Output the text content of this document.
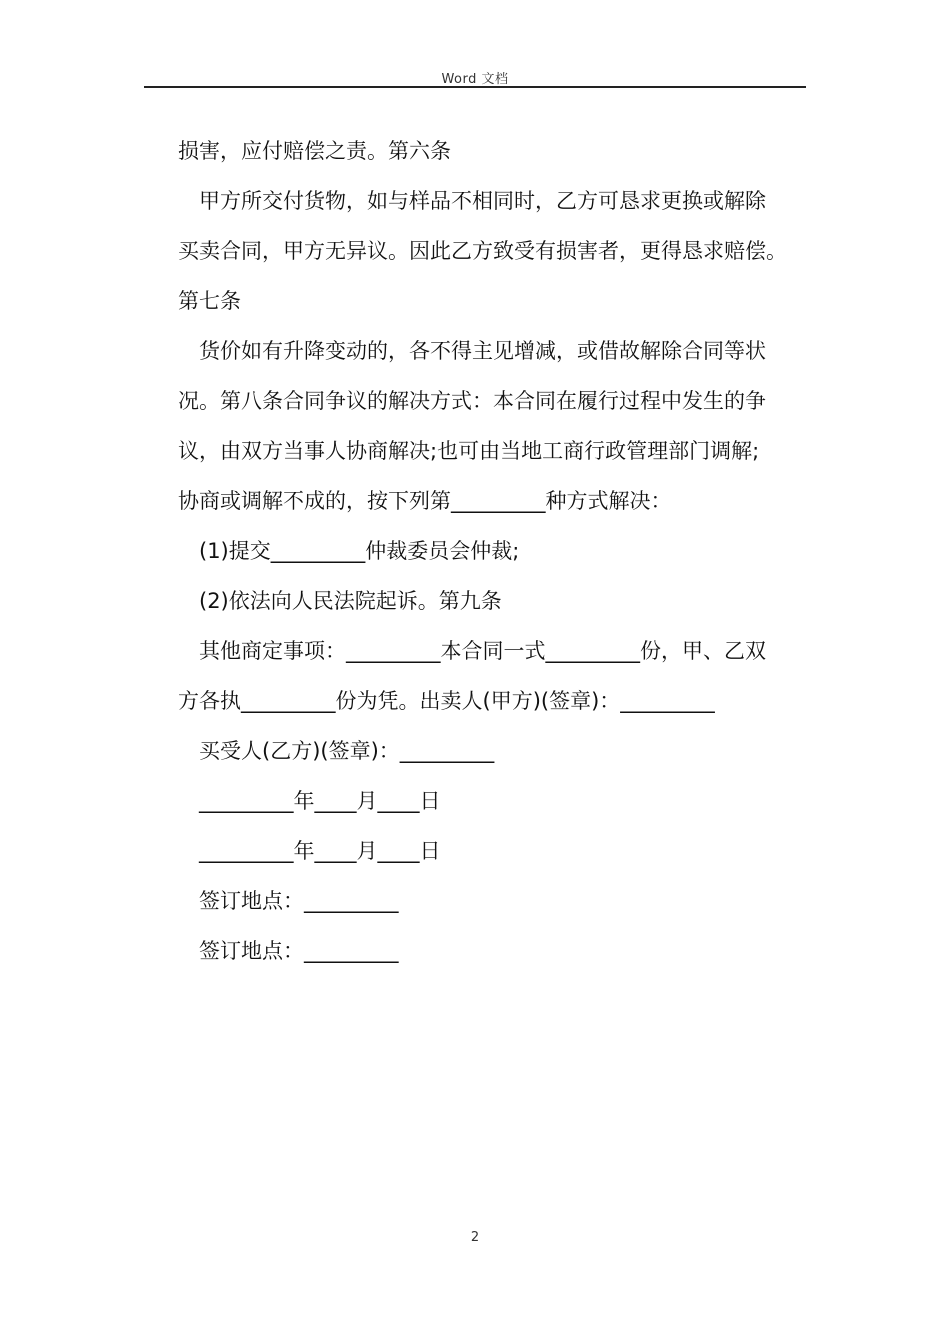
Word 文档
损害，应付赔偿之责。第六条
甲方所交付货物，如与样品不相同时，乙方可恳求更换或解除
买卖合同，甲方无异议。因此乙方致受有损害者，更得恳求赔偿。
第七条
货价如有升降变动的，各不得主见增减，或借故解除合同等状
况。第八条合同争议的解决方式：本合同在履行过程中发生的争
议，由双方当事人协商解决;也可由当地工商行政管理部门调解;
协商或调解不成的，按下列第_________种方式解决：
(1)提交_________仲裁委员会仲裁;
(2)依法向人民法院起诉。第九条
其他商定事项：_________本合同一式_________份，甲、乙双
方各执_________份为凭。出卖人(甲方)(签章)：_________
买受人(乙方)(签章)：_________
_________年____月____日
_________年____月____日
签订地点：_________
签订地点：_________
2
